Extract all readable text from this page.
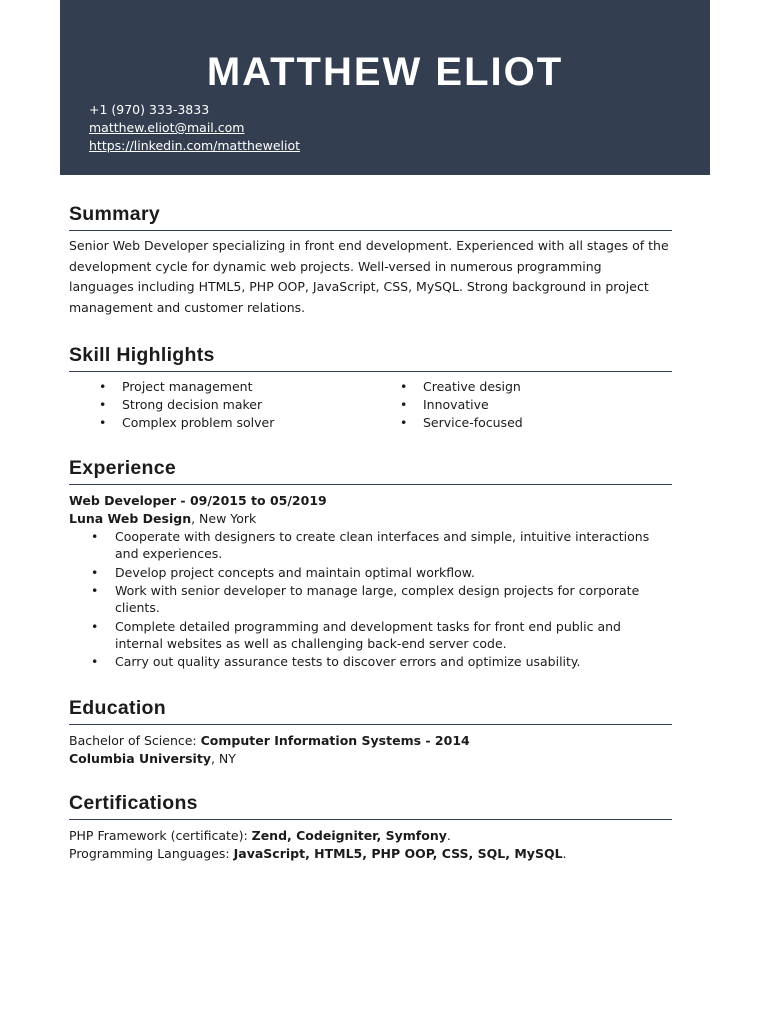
MATTHEW ELIOT
+1 (970) 333-3833
matthew.eliot@mail.com
https://linkedin.com/mattheweliot
Summary
Senior Web Developer specializing in front end development. Experienced with all stages of the
development cycle for dynamic web projects. Well-versed in numerous programming
languages including HTML5, PHP OOP, JavaScript, CSS, MySQL. Strong background in project
management and customer relations.
Skill Highlights
• Project management
• Strong decision maker
• Complex problem solver
• Creative design
• Innovative
• Service-focused
Experience
Web Developer - 09/2015 to 05/2019
Luna Web Design, New York
• Cooperate with designers to create clean interfaces and simple, intuitive interactions
and experiences.
• Develop project concepts and maintain optimal workflow.
• Work with senior developer to manage large, complex design projects for corporate
clients.
• Complete detailed programming and development tasks for front end public and
internal websites as well as challenging back-end server code.
• Carry out quality assurance tests to discover errors and optimize usability.
Education
Bachelor of Science: Computer Information Systems - 2014
Columbia University, NY
Certifications
PHP Framework (certificate): Zend, Codeigniter, Symfony.
Programming Languages: JavaScript, HTML5, PHP OOP, CSS, SQL, MySQL.
